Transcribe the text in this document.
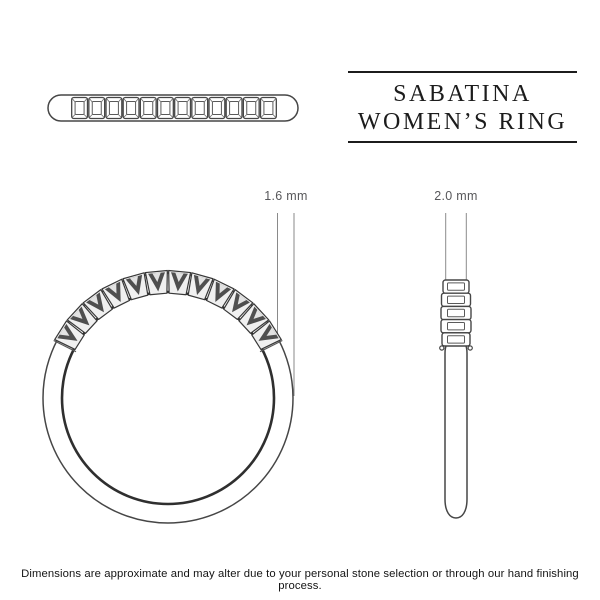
SABATINA
WOMEN’S RING
1.6 mm	2.0 mm
Dimensions are approximate and may alter due to your personal stone selection or through our hand finishing process.
